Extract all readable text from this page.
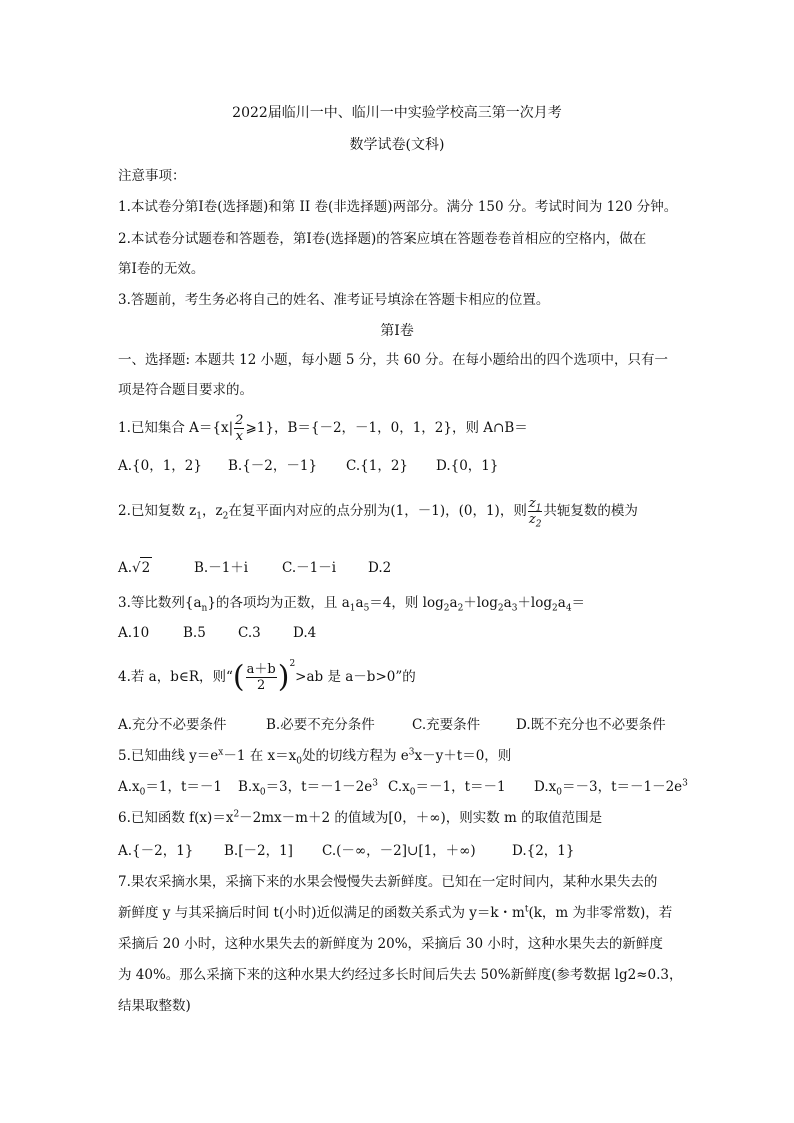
2022届临川一中、临川一中实验学校高三第一次月考
数学试卷(文科)
注意事项：
1.本试卷分第Ⅰ卷(选择题)和第 II 卷(非选择题)两部分。满分 150 分。考试时间为 120 分钟。
2.本试卷分试题卷和答题卷，第Ⅰ卷(选择题)的答案应填在答题卷卷首相应的空格内，做在
第Ⅰ卷的无效。
3.答题前，考生务必将自己的姓名、准考证号填涂在答题卡相应的位置。
第Ⅰ卷
一、选择题: 本题共 12 小题，每小题 5 分，共 60 分。在每小题给出的四个选项中，只有一
项是符合题目要求的。
1.已知集合 $A=\{x| \frac{2}{x}$ ⩾1}，B＝{－2，－1，0，1，2}，则 A∩B＝
A.{0，1，2} B.{－2，－1} C.{1，2} D.{0，1}
2.已知复数 $z_1$，$z_2$在复平面内对应的点分别为(1，－1)，(0，1)，则 $\frac{z_1}{z_2}$ 共轭复数的模为
A.√2	B.－1＋i	C.－1－i D.2
3.等比数列$\{a_n\}$的各项均为正数，且 $a_1a_5=4$，则 $\log_2a_2+\log_2a_3+\log_2a_4=$
A.10	B.5 C.3 D.4
4.若 a，b∈R，则“( $\frac{a+b}{2} )^2>ab$ 是 a－b>0”的
A.充分不必要条件	B.必要不充分条件	C.充要条件	D.既不充分也不必要条件
5.已知曲线 $y=e^x-1$ 在 $x=x_0$处的切线方程为 $e^3x-y+t=0$，则
$A.x_0=1$，t＝－1 $B.x_0=3$，$t=-1-2e^3$ $C.x_0=-1$，t＝－1 $D.x_0=-3$，$t=-1-2e^3$
6.已知函数 $f(x)=x^2-2mx-m+2$ 的值域为[0，＋∞)，则实数 m 的取值范围是
A.{－2，1} B.[－2，1] C.(－∞，－2]∪[1，＋∞)	D.{2，1}
7.果农采摘水果，采摘下来的水果会慢慢失去新鲜度。已知在一定时间内，某种水果失去的
新鲜度 y 与其采摘后时间 t(小时)近似满足的函数关系式为 y＝k・$m^t(k$，m 为非零常数)，若
采摘后 20 小时，这种水果失去的新鲜度为 20%，采摘后 30 小时，这种水果失去的新鲜度
为 40%。那么采摘下来的这种水果大约经过多长时间后失去 50%新鲜度(参考数据 lg2≈0.3，
结果取整数)
